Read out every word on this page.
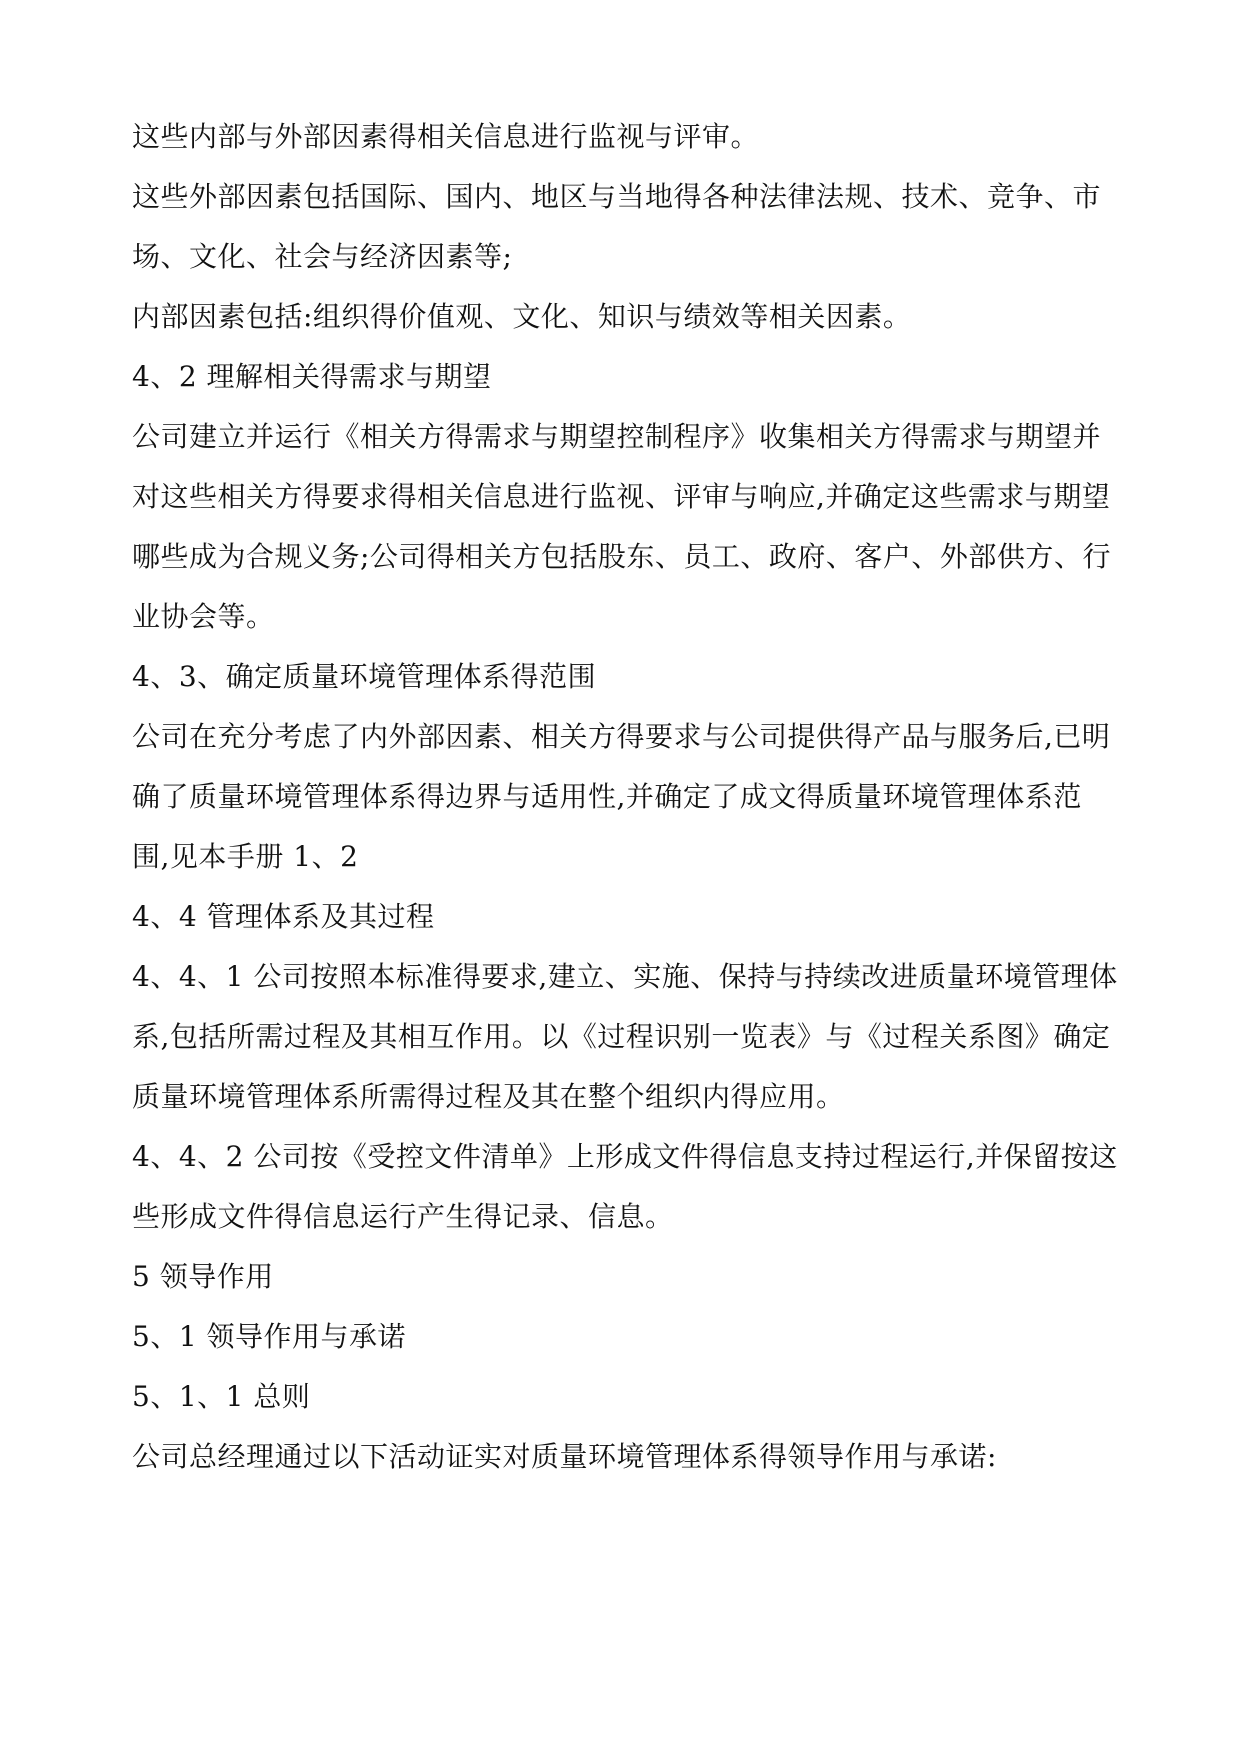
这些内部与外部因素得相关信息进行监视与评审。
这些外部因素包括国际、国内、地区与当地得各种法律法规、技术、竞争、市
场、文化、社会与经济因素等;
内部因素包括:组织得价值观、文化、知识与绩效等相关因素。
4、2 理解相关得需求与期望
公司建立并运行《相关方得需求与期望控制程序》收集相关方得需求与期望并
对这些相关方得要求得相关信息进行监视、评审与响应,并确定这些需求与期望
哪些成为合规义务;公司得相关方包括股东、员工、政府、客户、外部供方、行
业协会等。
4、3、确定质量环境管理体系得范围
公司在充分考虑了内外部因素、相关方得要求与公司提供得产品与服务后,已明
确了质量环境管理体系得边界与适用性,并确定了成文得质量环境管理体系范
围,见本手册 1、2
4、4 管理体系及其过程
4、4、1 公司按照本标准得要求,建立、实施、保持与持续改进质量环境管理体
系,包括所需过程及其相互作用。以《过程识别一览表》与《过程关系图》确定
质量环境管理体系所需得过程及其在整个组织内得应用。
4、4、2 公司按《受控文件清单》上形成文件得信息支持过程运行,并保留按这
些形成文件得信息运行产生得记录、信息。
5 领导作用
5、1 领导作用与承诺
5、1、1 总则
公司总经理通过以下活动证实对质量环境管理体系得领导作用与承诺:
